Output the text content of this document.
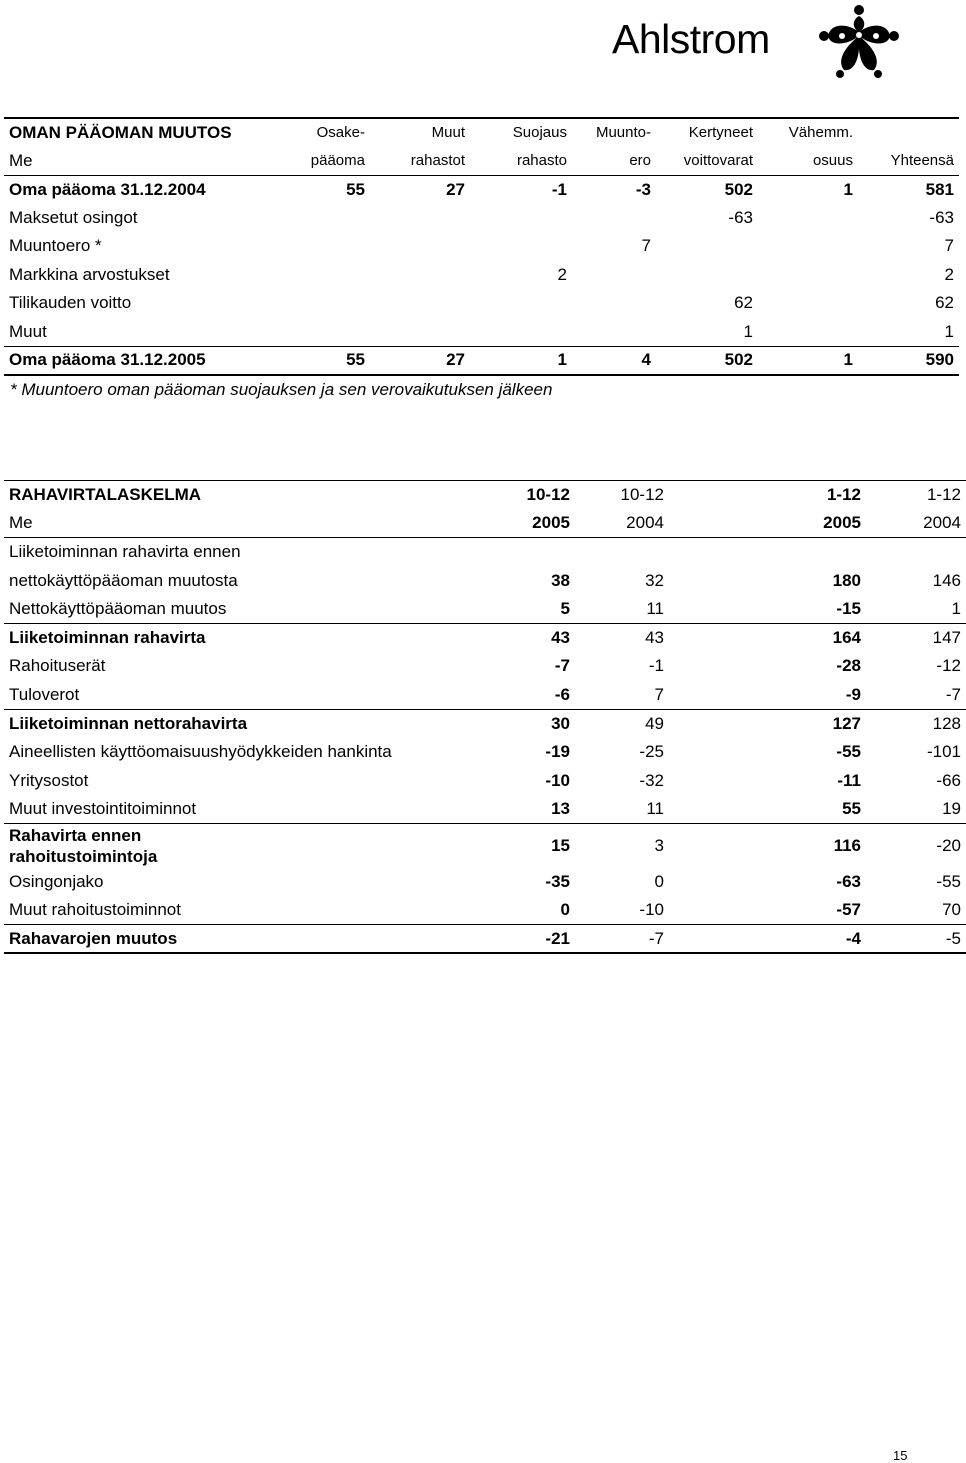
Ahlstrom
OMAN PÄÄOMAN MUUTOS	Osake-	Muut	Suojaus	Muunto-	Kertyneet	Vähemm.	
Me	pääoma	rahastot	rahasto	ero	voittovarat	osuus	Yhteensä
Oma pääoma 31.12.2004	55	27	-1	-3	502	1	581
Maksetut osingot					-63		-63
Muuntoero *				7			7
Markkina arvostukset			2				2
Tilikauden voitto					62		62
Muut					1		1
Oma pääoma 31.12.2005	55	27	1	4	502	1	590
* Muuntoero oman pääoman suojauksen ja sen verovaikutuksen jälkeen
RAHAVIRTALASKELMA	10-12	10-12	1-12	1-12
Me	2005	2004	2005	2004
Liiketoiminnan rahavirta ennen				
nettokäyttöpääoman muutosta	38	32	180	146
Nettokäyttöpääoman muutos	5	11	-15	1
Liiketoiminnan rahavirta	43	43	164	147
Rahoituserät	-7	-1	-28	-12
Tuloverot	-6	7	-9	-7
Liiketoiminnan nettorahavirta	30	49	127	128
Aineellisten käyttöomaisuushyödykkeiden hankinta	-19	-25	-55	-101
Yritysostot	-10	-32	-11	-66
Muut investointitoiminnot	13	11	55	19

Rahavirta ennen rahoitustoimintoja	15	3	116	-20
Osingonjako	-35	0	-63	-55
Muut rahoitustoiminnot	0	-10	-57	70
Rahavarojen muutos	-21	-7	-4	-5
15
